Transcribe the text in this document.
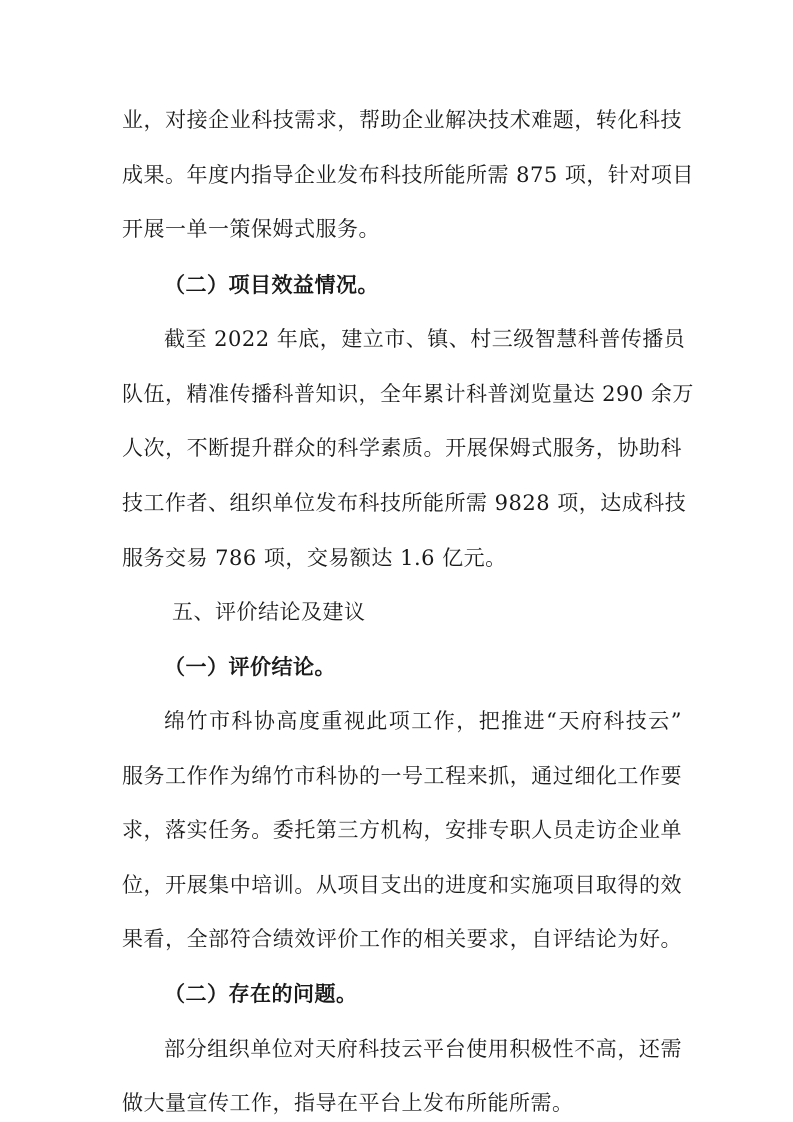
业，对接企业科技需求，帮助企业解决技术难题，转化科技
成果。年度内指导企业发布科技所能所需 875 项，针对项目
开展一单一策保姆式服务。
（二）项目效益情况。
截至 2022 年底，建立市、镇、村三级智慧科普传播员
队伍，精准传播科普知识，全年累计科普浏览量达 290 余万
人次，不断提升群众的科学素质。开展保姆式服务，协助科
技工作者、组织单位发布科技所能所需 9828 项，达成科技
服务交易 786 项，交易额达 1.6 亿元。
五、评价结论及建议
（一）评价结论。
绵竹市科协高度重视此项工作，把推进“天府科技云”
服务工作作为绵竹市科协的一号工程来抓，通过细化工作要
求，落实任务。委托第三方机构，安排专职人员走访企业单
位，开展集中培训。从项目支出的进度和实施项目取得的效
果看，全部符合绩效评价工作的相关要求，自评结论为好。
（二）存在的问题。
部分组织单位对天府科技云平台使用积极性不高，还需
做大量宣传工作，指导在平台上发布所能所需。
